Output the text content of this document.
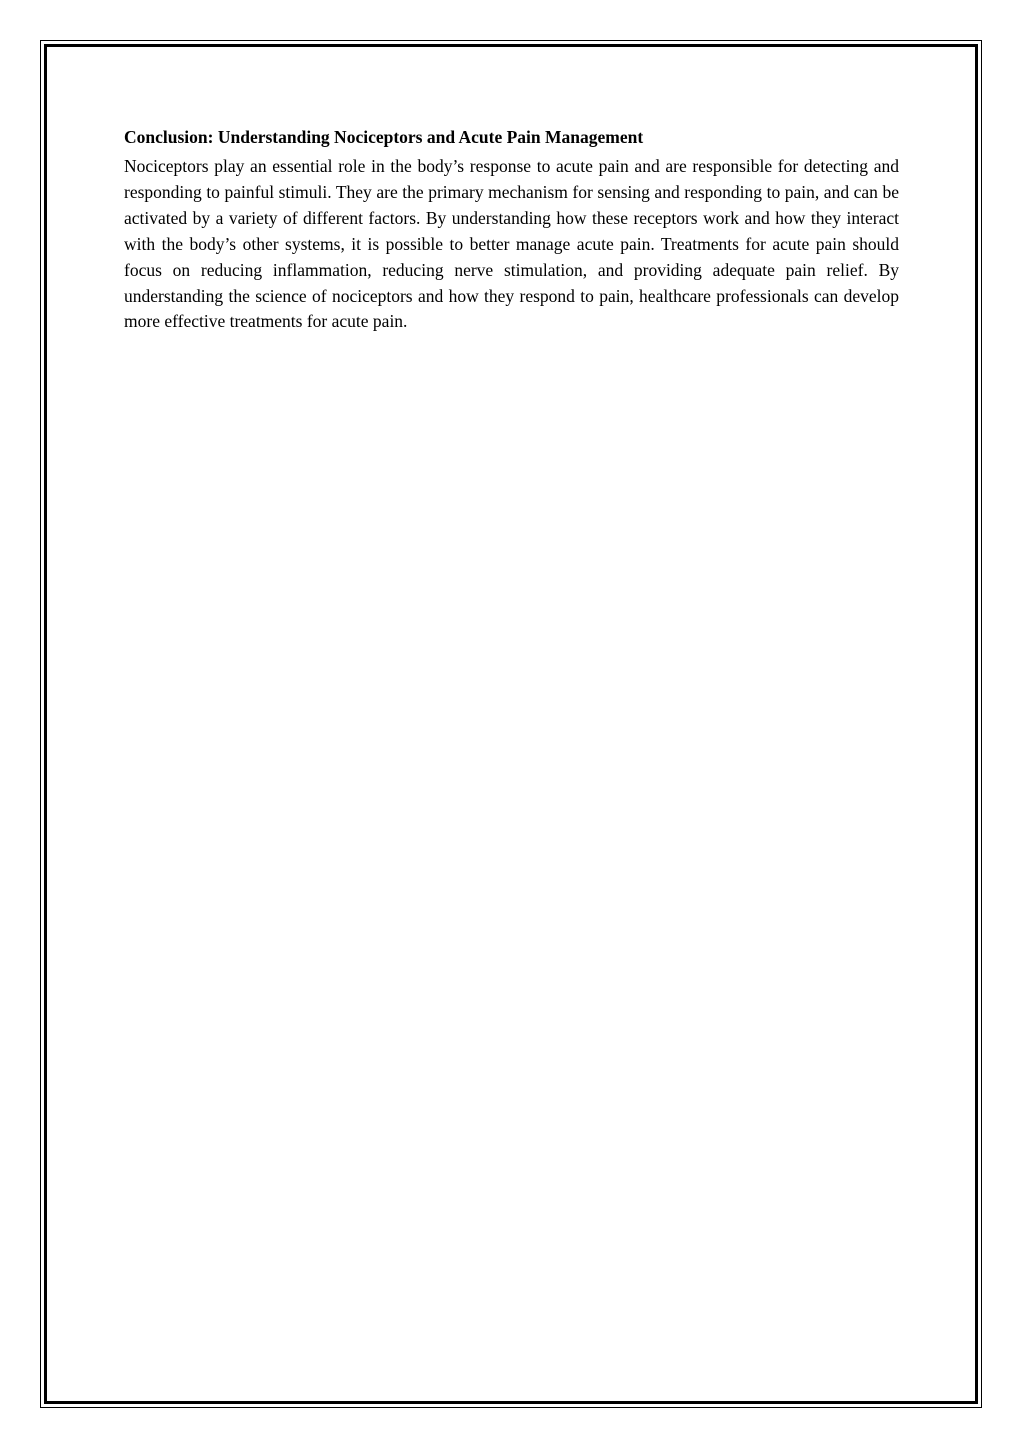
Conclusion: Understanding Nociceptors and Acute Pain Management

Nociceptors play an essential role in the body’s response to acute pain and are responsible for detecting and responding to painful stimuli. They are the primary mechanism for sensing and responding to pain, and can be activated by a variety of different factors. By understanding how these receptors work and how they interact with the body’s other systems, it is possible to better manage acute pain. Treatments for acute pain should focus on reducing inflammation, reducing nerve stimulation, and providing adequate pain relief. By understanding the science of nociceptors and how they respond to pain, healthcare professionals can develop more effective treatments for acute pain.
